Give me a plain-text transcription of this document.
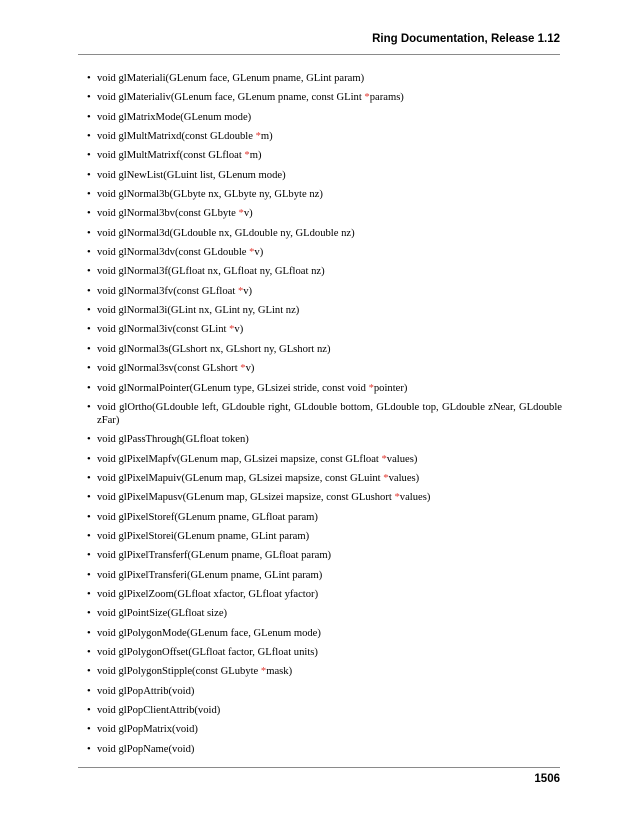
Ring Documentation, Release 1.12
• void glMateriali(GLenum face, GLenum pname, GLint param)
• void glMaterialiv(GLenum face, GLenum pname, const GLint *params)
• void glMatrixMode(GLenum mode)
• void glMultMatrixd(const GLdouble *m)
• void glMultMatrixf(const GLfloat *m)
• void glNewList(GLuint list, GLenum mode)
• void glNormal3b(GLbyte nx, GLbyte ny, GLbyte nz)
• void glNormal3bv(const GLbyte *v)
• void glNormal3d(GLdouble nx, GLdouble ny, GLdouble nz)
• void glNormal3dv(const GLdouble *v)
• void glNormal3f(GLfloat nx, GLfloat ny, GLfloat nz)
• void glNormal3fv(const GLfloat *v)
• void glNormal3i(GLint nx, GLint ny, GLint nz)
• void glNormal3iv(const GLint *v)
• void glNormal3s(GLshort nx, GLshort ny, GLshort nz)
• void glNormal3sv(const GLshort *v)
• void glNormalPointer(GLenum type, GLsizei stride, const void *pointer)
• void glOrtho(GLdouble left, GLdouble right, GLdouble bottom, GLdouble top, GLdouble zNear, GLdouble zFar)
• void glPassThrough(GLfloat token)
• void glPixelMapfv(GLenum map, GLsizei mapsize, const GLfloat *values)
• void glPixelMapuiv(GLenum map, GLsizei mapsize, const GLuint *values)
• void glPixelMapusv(GLenum map, GLsizei mapsize, const GLushort *values)
• void glPixelStoref(GLenum pname, GLfloat param)
• void glPixelStorei(GLenum pname, GLint param)
• void glPixelTransferf(GLenum pname, GLfloat param)
• void glPixelTransferi(GLenum pname, GLint param)
• void glPixelZoom(GLfloat xfactor, GLfloat yfactor)
• void glPointSize(GLfloat size)
• void glPolygonMode(GLenum face, GLenum mode)
• void glPolygonOffset(GLfloat factor, GLfloat units)
• void glPolygonStipple(const GLubyte *mask)
• void glPopAttrib(void)
• void glPopClientAttrib(void)
• void glPopMatrix(void)
• void glPopName(void)
1506
